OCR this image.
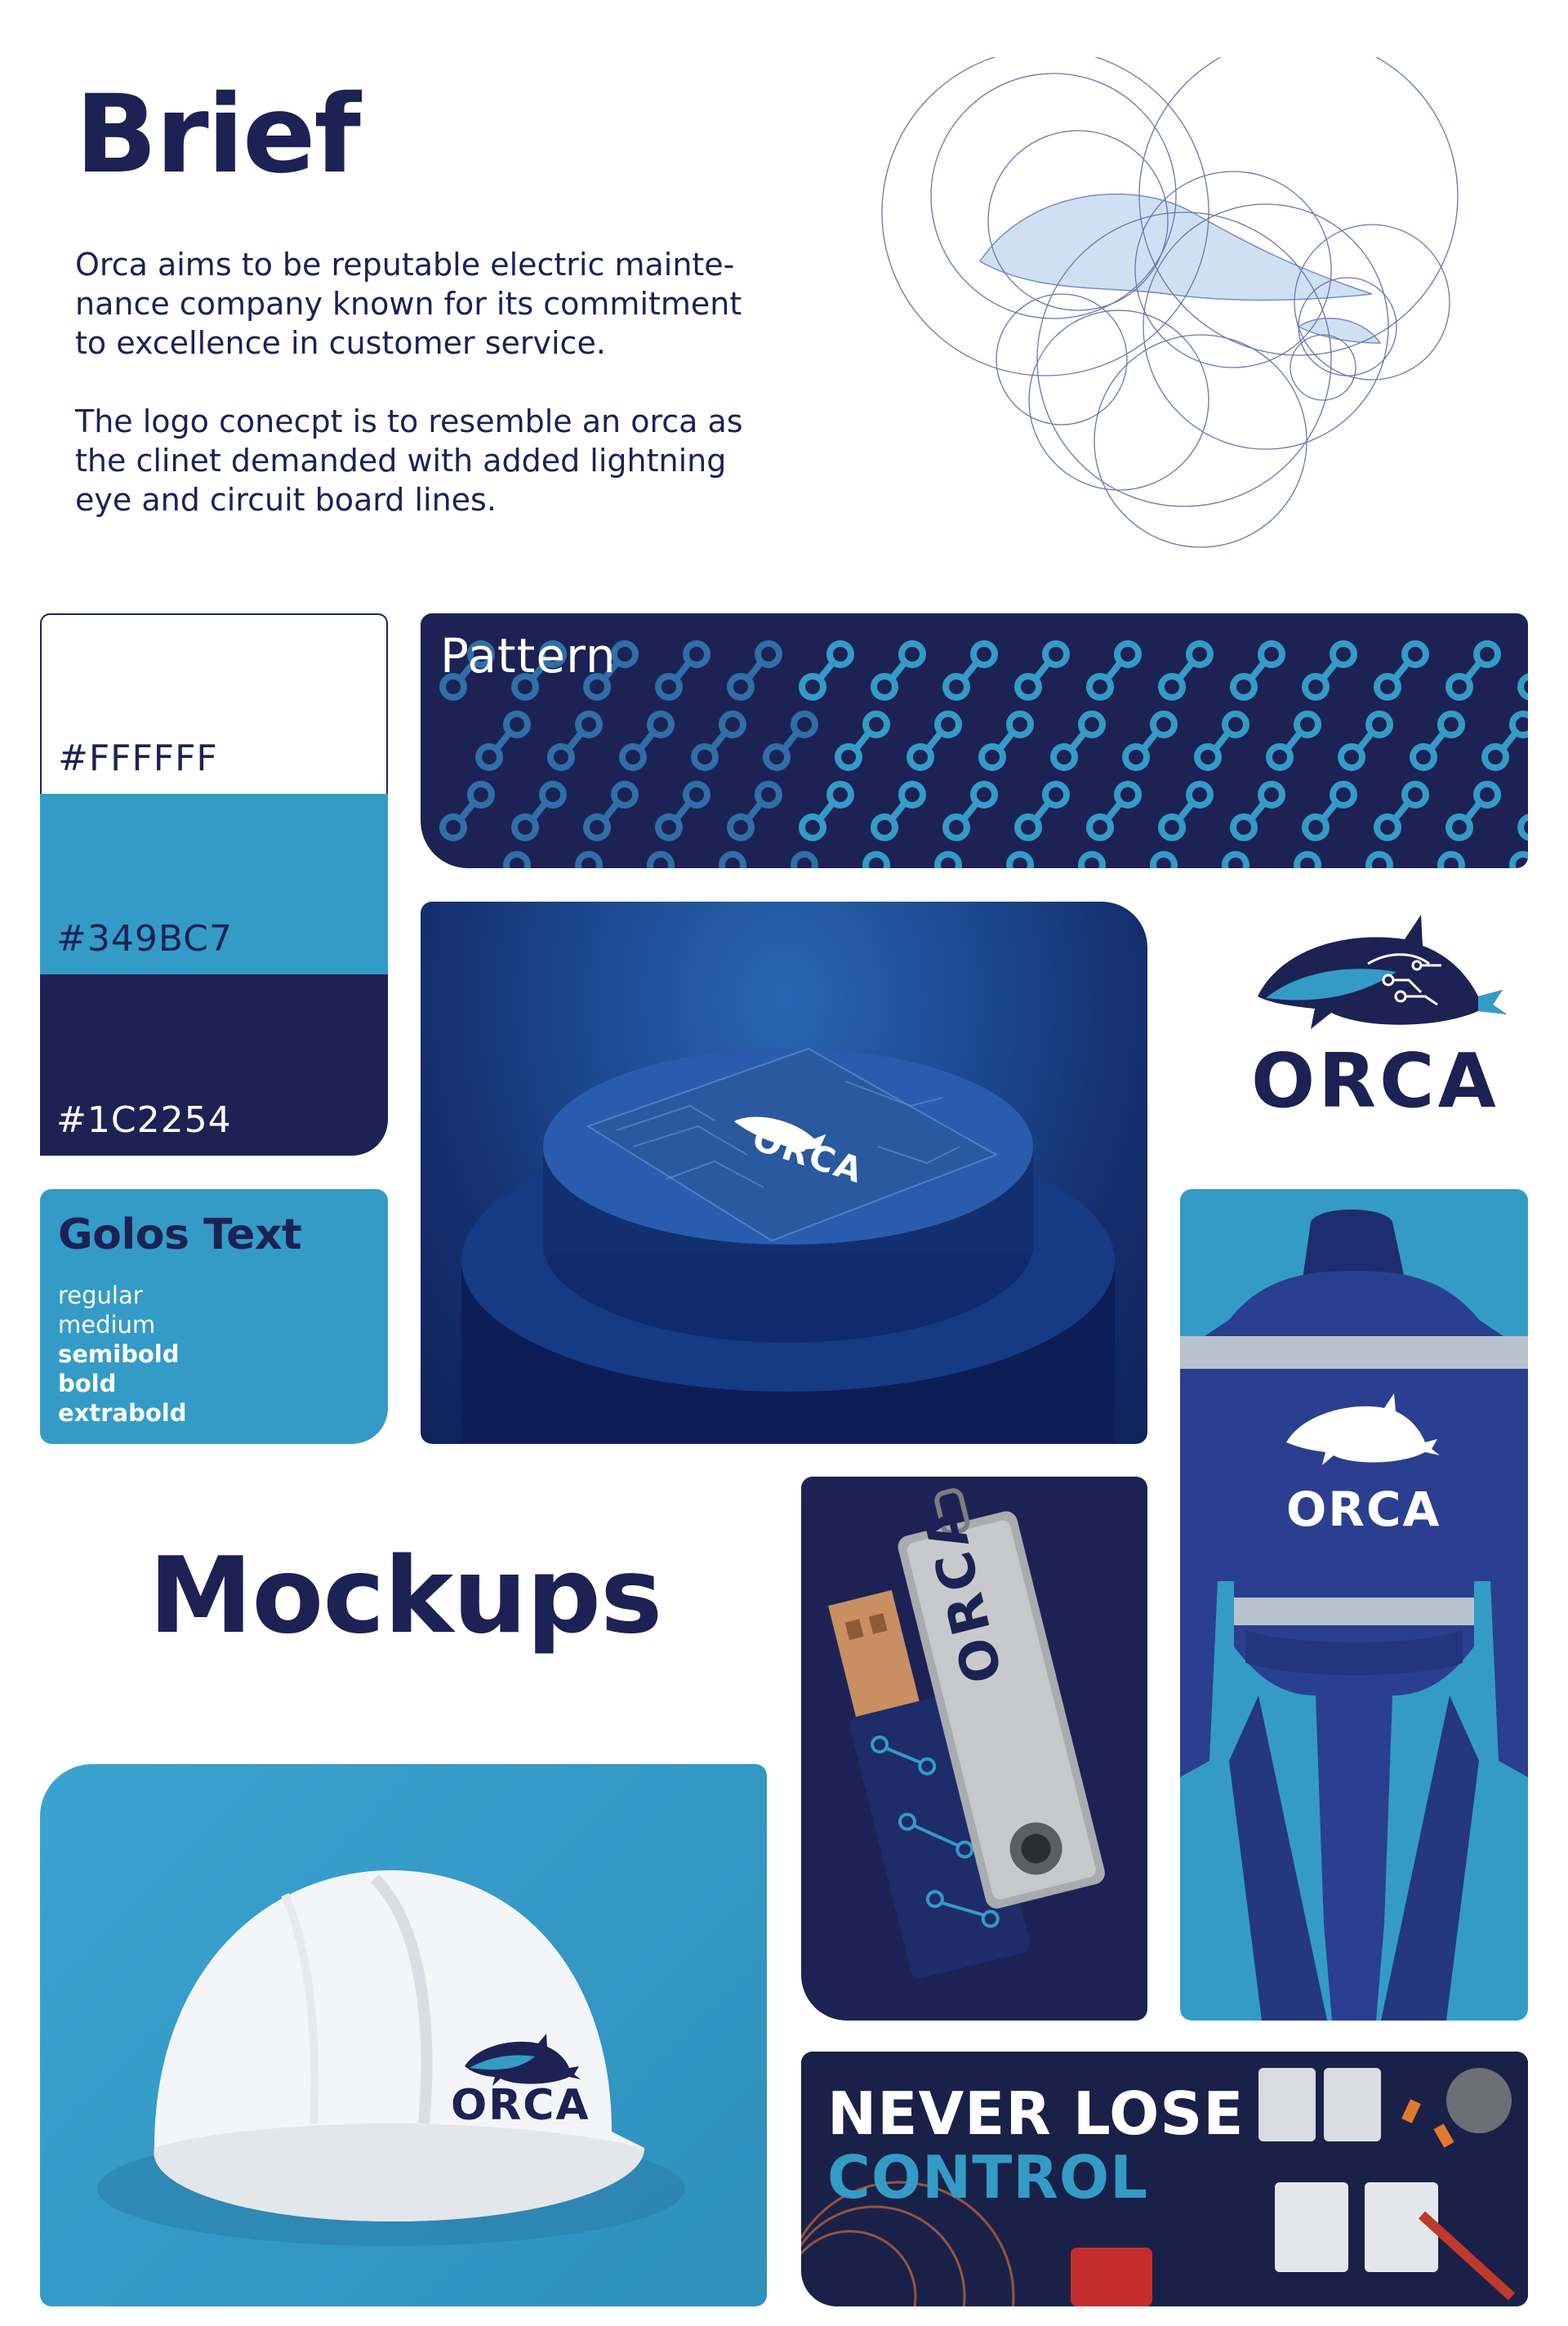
Brief

Orca aims to be reputable electric mainte-
nance company known for its commitment
to excellence in customer service.

The logo conecpt is to resemble an orca as
the clinet demanded with added lightning
eye and circuit board lines.

#FFFFFF
#349BC7
#1C2254
Golos Text
regular
medium
semibold
bold
extrabold
Pattern
ORCA
ORCA
ORCA
Mockups	ORCA
ORCA	NEVER LOSE
CONTROL
